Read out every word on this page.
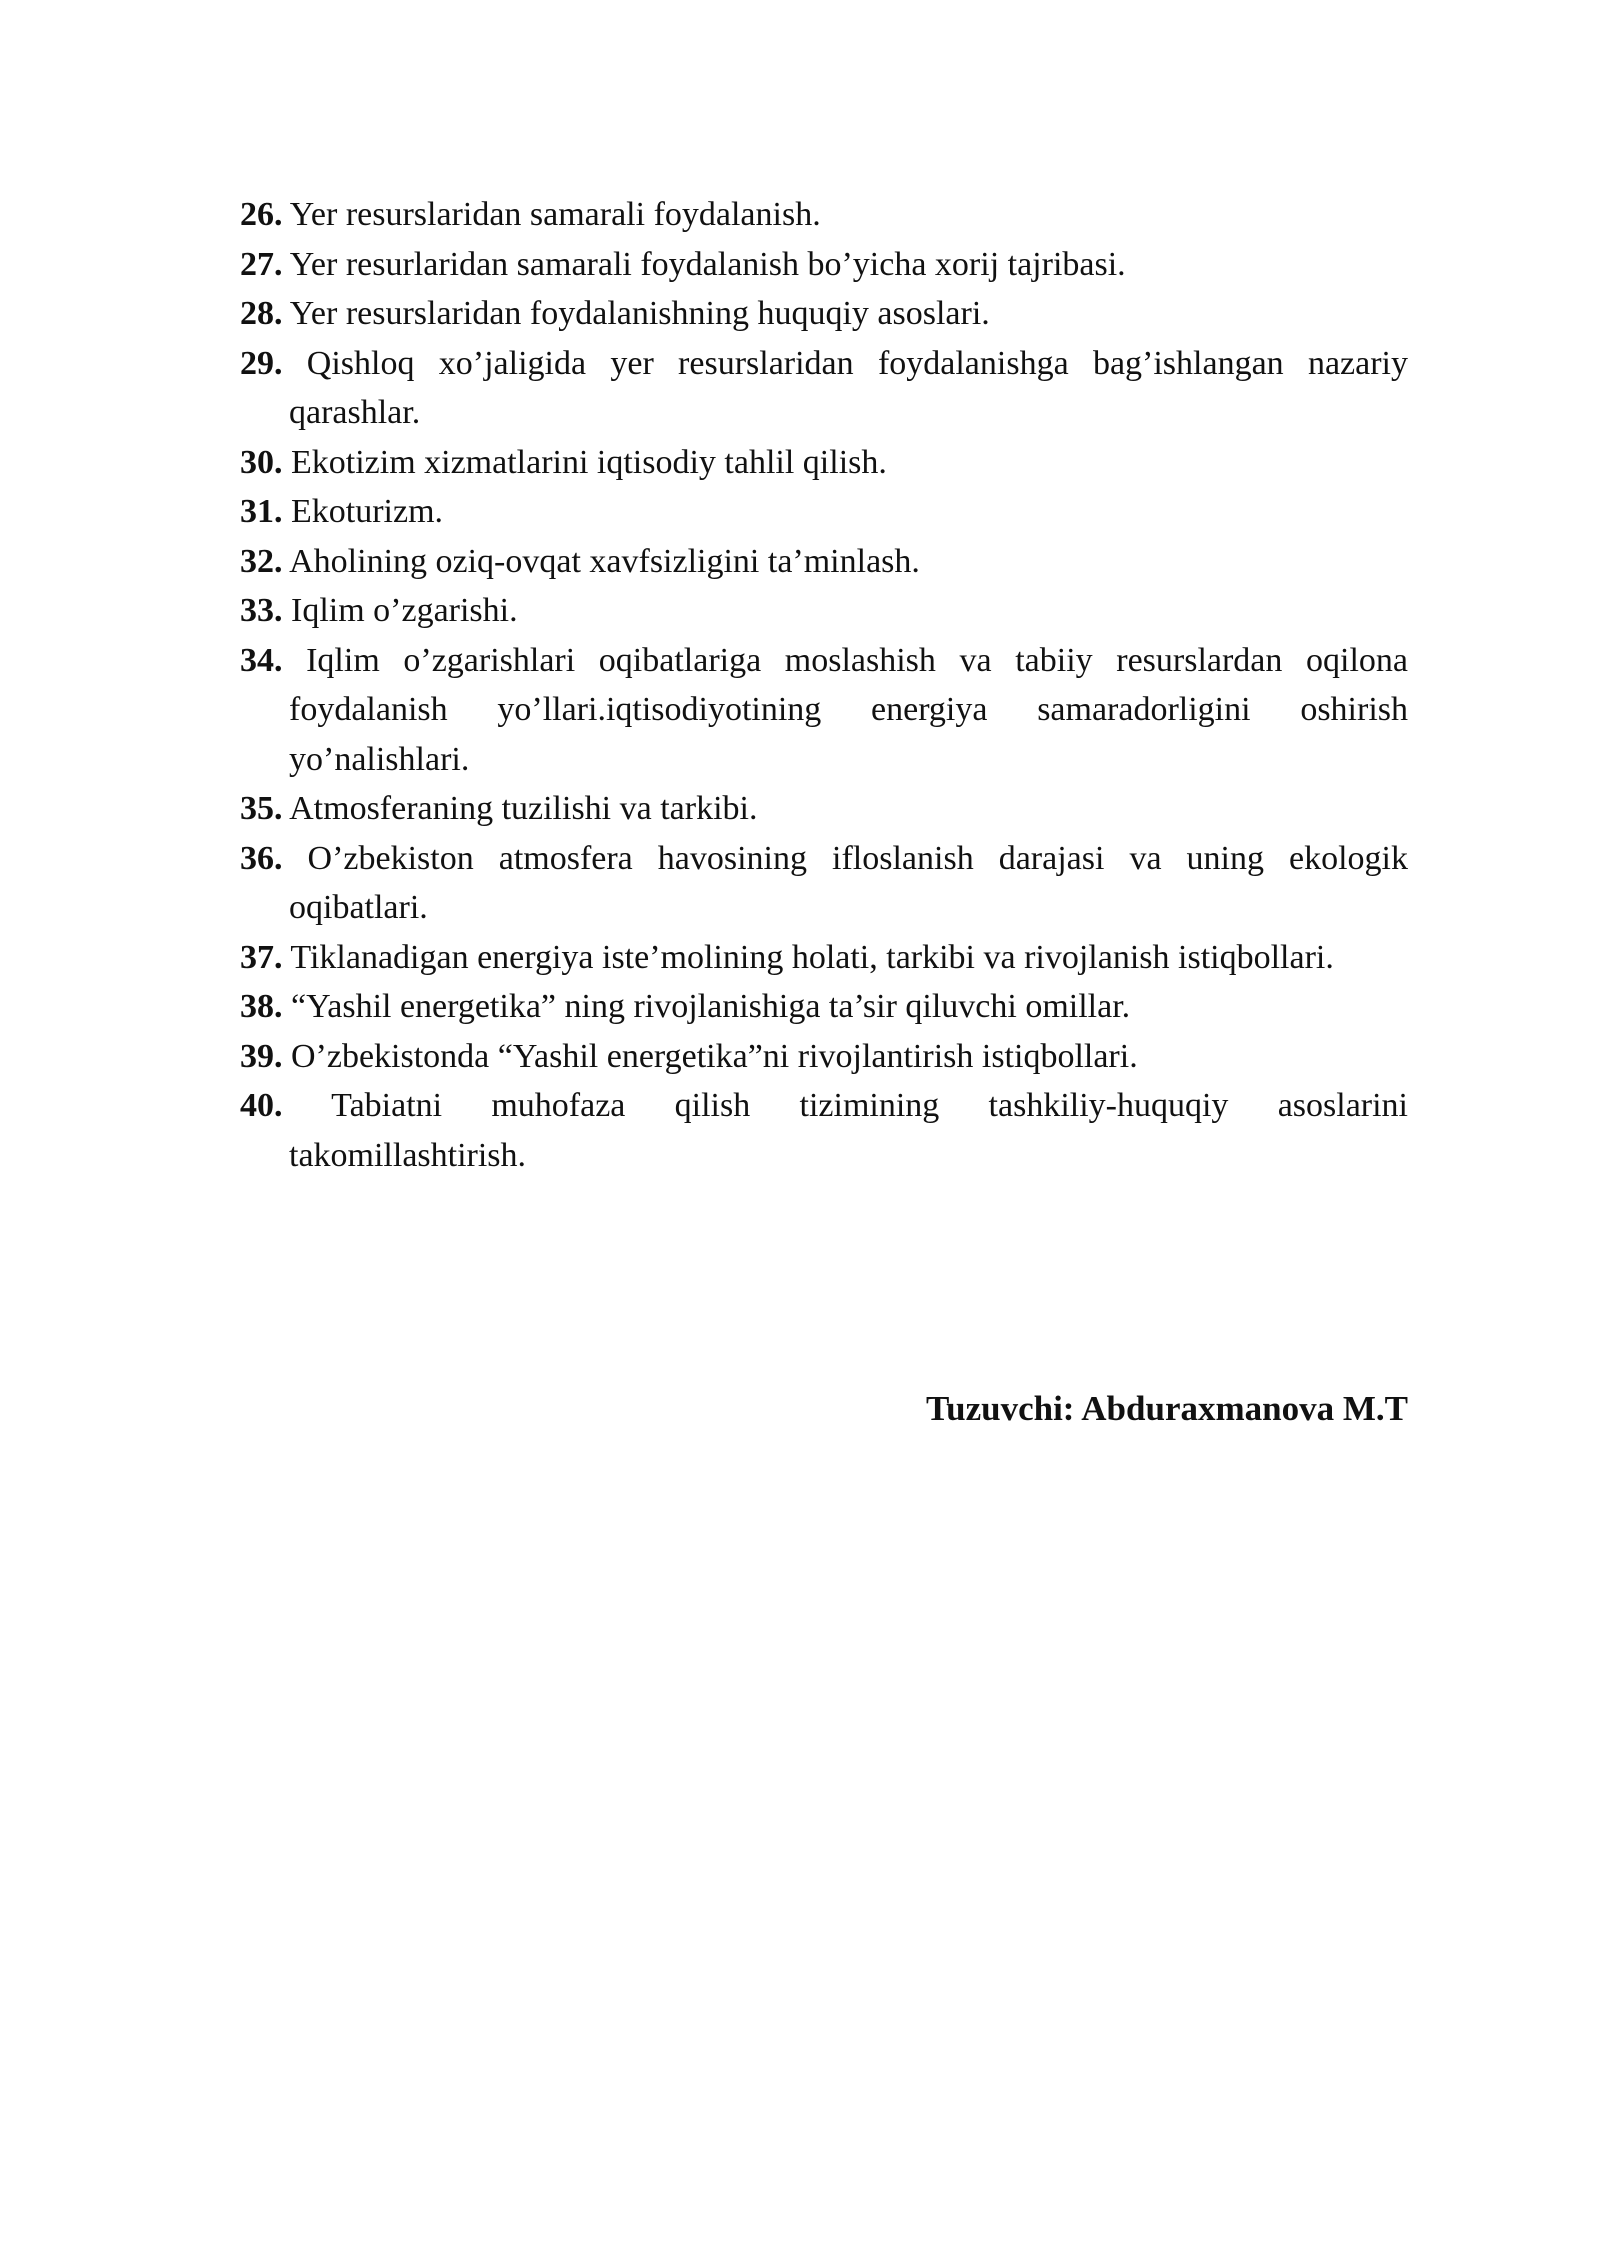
26. Yer resurslaridan samarali foydalanish.
27. Yer resurlaridan samarali foydalanish bo’yicha xorij tajribasi.
28. Yer resurslaridan foydalanishning huquqiy asoslari.
29. Qishloq xo’jaligida yer resurslaridan foydalanishga bag’ishlangan nazariy qarashlar.
30. Ekotizim xizmatlarini iqtisodiy tahlil qilish.
31. Ekoturizm.
32. Aholining oziq-ovqat xavfsizligini ta’minlash.
33. Iqlim o’zgarishi.
34. Iqlim o’zgarishlari oqibatlariga moslashish va tabiiy resurslardan oqilona foydalanish yo’llari.iqtisodiyotining energiya samaradorligini oshirish yo’nalishlari.
35. Atmosferaning tuzilishi va tarkibi.
36. O’zbekiston atmosfera havosining ifloslanish darajasi va uning ekologik oqibatlari.
37. Tiklanadigan energiya iste’molining holati, tarkibi va rivojlanish istiqbollari.
38. “Yashil energetika” ning rivojlanishiga ta’sir qiluvchi omillar.
39. O’zbekistonda “Yashil energetika”ni rivojlantirish istiqbollari.
40. Tabiatni muhofaza qilish tizimining tashkiliy-huquqiy asoslarini takomillashtirish.
Tuzuvchi: Abduraxmanova M.T
